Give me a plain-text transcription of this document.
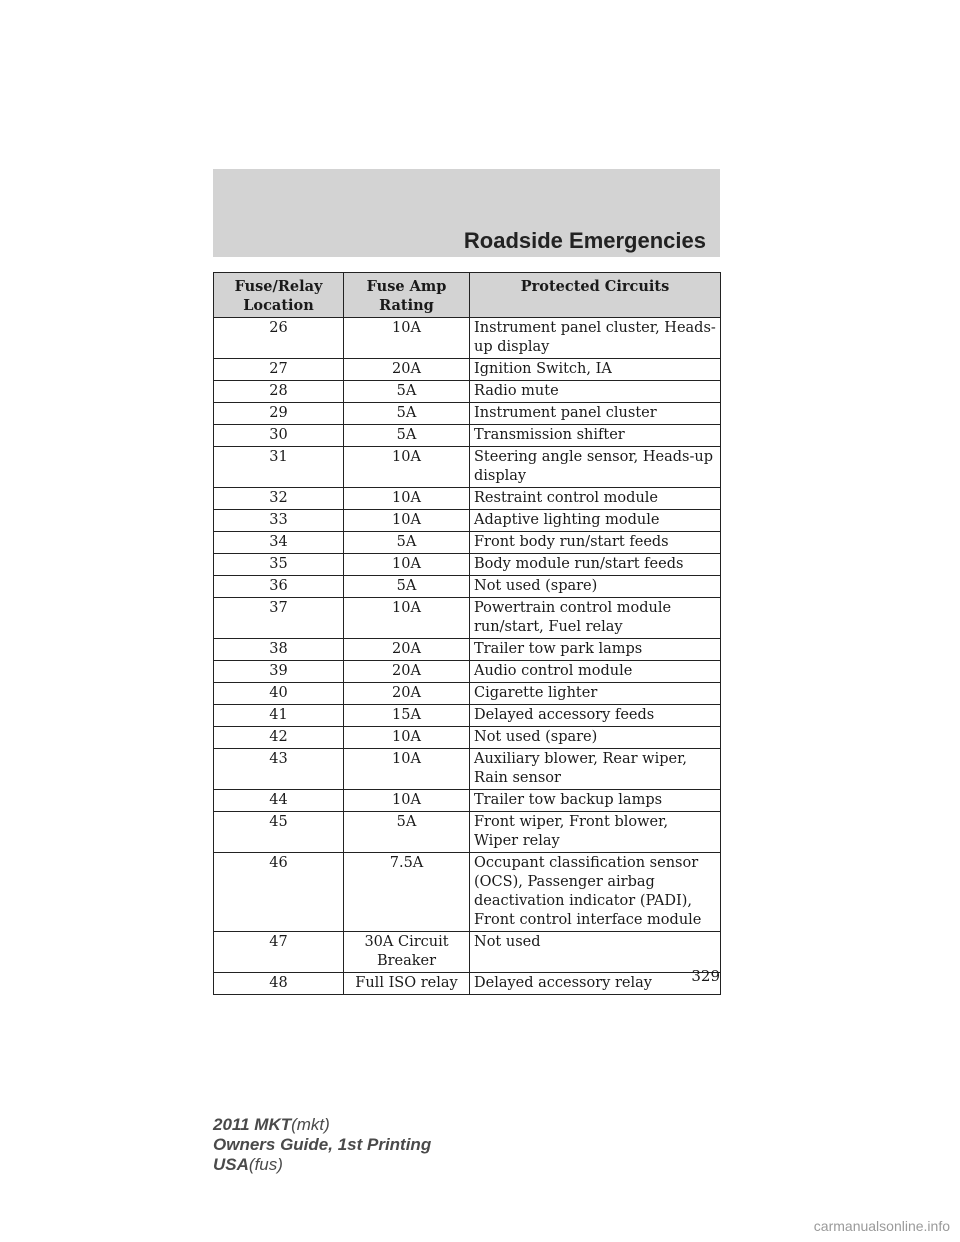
Roadside Emergencies
Fuse/Relay Location	Fuse Amp Rating	Protected Circuits
26	10A	Instrument panel cluster, Heads-up display
27	20A	Ignition Switch, IA
28	5A	Radio mute
29	5A	Instrument panel cluster
30	5A	Transmission shifter
31	10A	Steering angle sensor, Heads-up display
32	10A	Restraint control module
33	10A	Adaptive lighting module
34	5A	Front body run/start feeds
35	10A	Body module run/start feeds
36	5A	Not used (spare)
37	10A	Powertrain control module run/start, Fuel relay
38	20A	Trailer tow park lamps
39	20A	Audio control module
40	20A	Cigarette lighter
41	15A	Delayed accessory feeds
42	10A	Not used (spare)
43	10A	Auxiliary blower, Rear wiper, Rain sensor
44	10A	Trailer tow backup lamps
45	5A	Front wiper, Front blower, Wiper relay
46	7.5A	Occupant classification sensor (OCS), Passenger airbag deactivation indicator (PADI), Front control interface module
47	30A Circuit Breaker	Not used
48	Full ISO relay	Delayed accessory relay	329
2011 MKT(mkt)
Owners Guide, 1st Printing
USA(fus)
carmanualsonline.info
